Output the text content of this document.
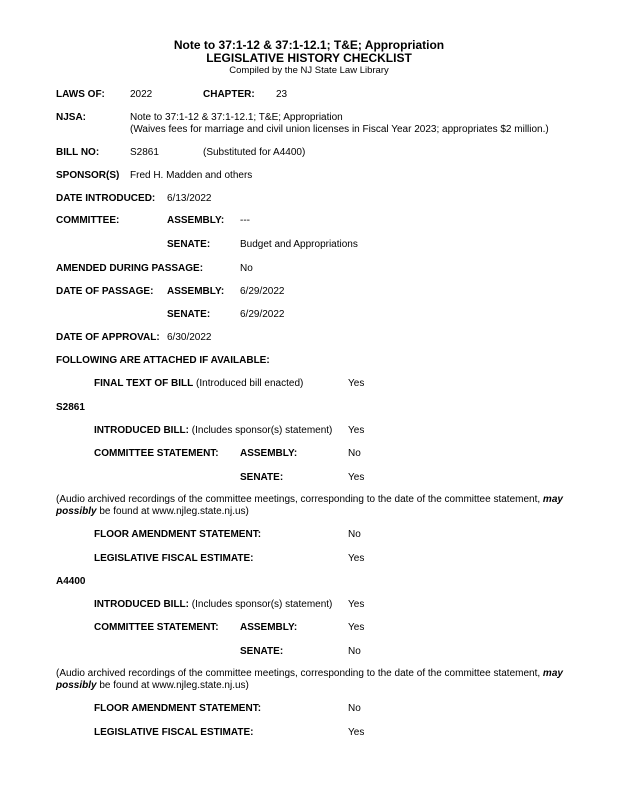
Note to 37:1-12 & 37:1-12.1; T&E; Appropriation
LEGISLATIVE HISTORY CHECKLIST
Compiled by the NJ State Law Library
LAWS OF:	2022	CHAPTER: 23
NJSA:	Note to 37:1-12 & 37:1-12.1; T&E; Appropriation
(Waives fees for marriage and civil union licenses in Fiscal Year 2023; appropriates $2 million.)
BILL NO:	S2861	(Substituted for A4400)
SPONSOR(S) Fred H. Madden and others
DATE INTRODUCED: 6/13/2022
COMMITTEE:	ASSEMBLY: ---
SENATE:	Budget and Appropriations
AMENDED DURING PASSAGE:	No
DATE OF PASSAGE: ASSEMBLY: 6/29/2022
SENATE:	6/29/2022
DATE OF APPROVAL: 6/30/2022
FOLLOWING ARE ATTACHED IF AVAILABLE:
FINAL TEXT OF BILL (Introduced bill enacted)	Yes
S2861
INTRODUCED BILL: (Includes sponsor(s) statement) Yes
COMMITTEE STATEMENT: ASSEMBLY:	No
SENATE:	Yes
(Audio archived recordings of the committee meetings, corresponding to the date of the committee statement, may possibly be found at www.njleg.state.nj.us)
FLOOR AMENDMENT STATEMENT:	No
LEGISLATIVE FISCAL ESTIMATE:	Yes
A4400
INTRODUCED BILL: (Includes sponsor(s) statement) Yes
COMMITTEE STATEMENT: ASSEMBLY:	Yes
SENATE:	No
(Audio archived recordings of the committee meetings, corresponding to the date of the committee statement, may possibly be found at www.njleg.state.nj.us)
FLOOR AMENDMENT STATEMENT:	No
LEGISLATIVE FISCAL ESTIMATE:	Yes
